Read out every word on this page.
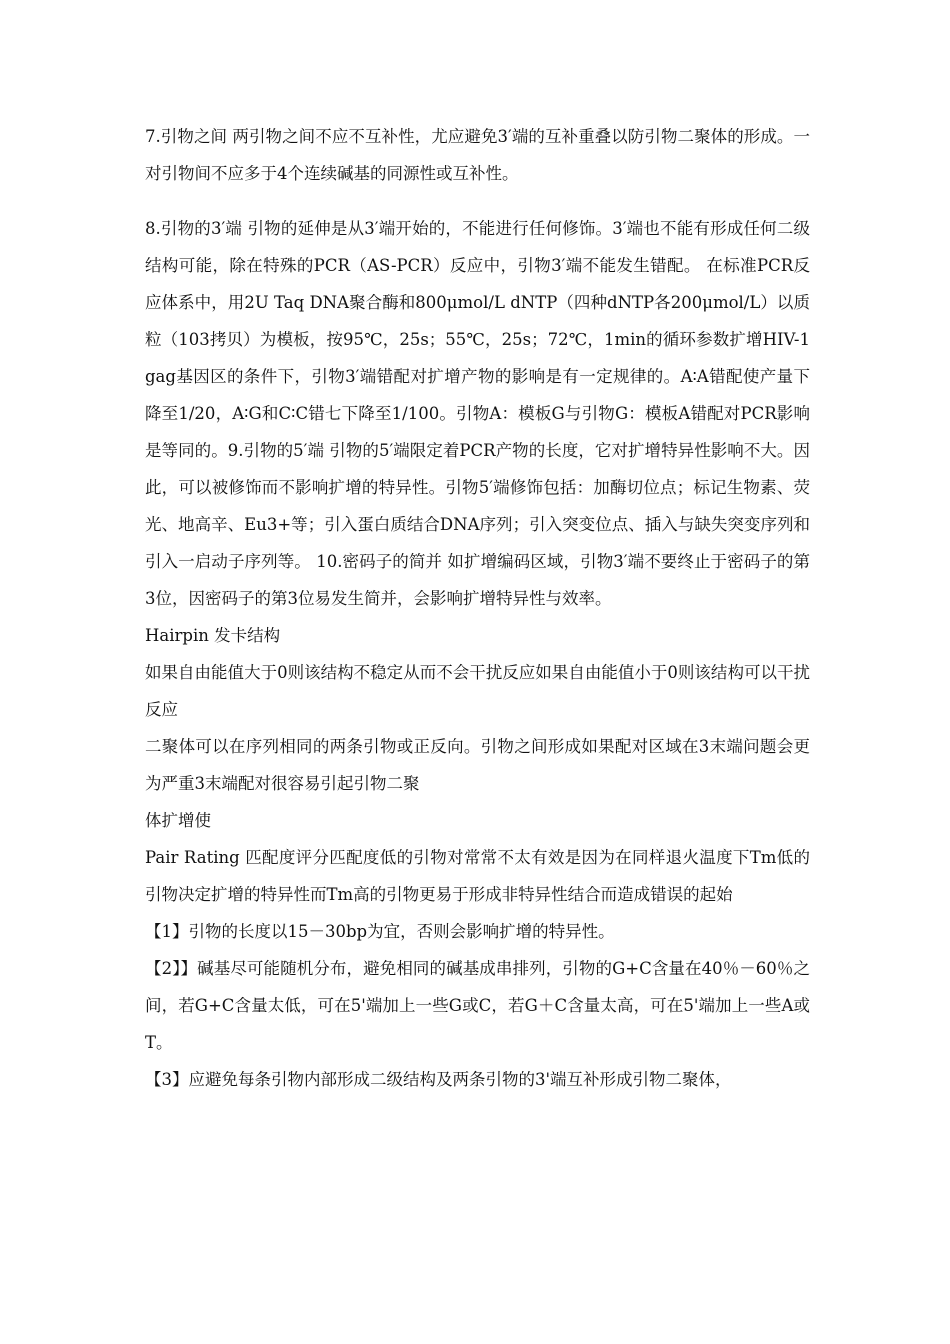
7.引物之间 两引物之间不应不互补性，尤应避免3′端的互补重叠以防引物二聚体的形成。一对引物间不应多于4个连续碱基的同源性或互补性。

8.引物的3′端 引物的延伸是从3′端开始的，不能进行任何修饰。3′端也不能有形成任何二级结构可能，除在特殊的PCR（AS-PCR）反应中，引物3′端不能发生错配。 在标准PCR反应体系中，用2U Taq DNA聚合酶和800μmol/L dNTP（四种dNTP各200μmol/L）以质粒（103拷贝）为模板，按95℃，25s；55℃，25s；72℃，1min的循环参数扩增HIV-1 gag基因区的条件下，引物3′端错配对扩增产物的影响是有一定规律的。A∶A错配使产量下降至1/20，A∶G和C∶C错七下降至1/100。引物A：模板G与引物G：模板A错配对PCR影响是等同的。9.引物的5′端 引物的5′端限定着PCR产物的长度，它对扩增特异性影响不大。因此，可以被修饰而不影响扩增的特异性。引物5′端修饰包括：加酶切位点；标记生物素、荧光、地高辛、Eu3+等；引入蛋白质结合DNA序列；引入突变位点、插入与缺失突变序列和引入一启动子序列等。 10.密码子的简并 如扩增编码区域，引物3′端不要终止于密码子的第3位，因密码子的第3位易发生简并，会影响扩增特异性与效率。

Hairpin 发卡结构

如果自由能值大于0则该结构不稳定从而不会干扰反应如果自由能值小于0则该结构可以干扰反应

二聚体可以在序列相同的两条引物或正反向。引物之间形成如果配对区域在3末端问题会更为严重3末端配对很容易引起引物二聚

体扩增使

Pair Rating 匹配度评分匹配度低的引物对常常不太有效是因为在同样退火温度下Tm低的引物决定扩增的特异性而Tm高的引物更易于形成非特异性结合而造成错误的起始

【1】引物的长度以15－30bp为宜，否则会影响扩增的特异性。

【2】】碱基尽可能随机分布，避免相同的碱基成串排列，引物的G+C含量在40％－60％之间，若G+C含量太低，可在5'端加上一些G或C，若G＋C含量太高，可在5'端加上一些A或T。

【3】应避免每条引物内部形成二级结构及两条引物的3'端互补形成引物二聚体，
